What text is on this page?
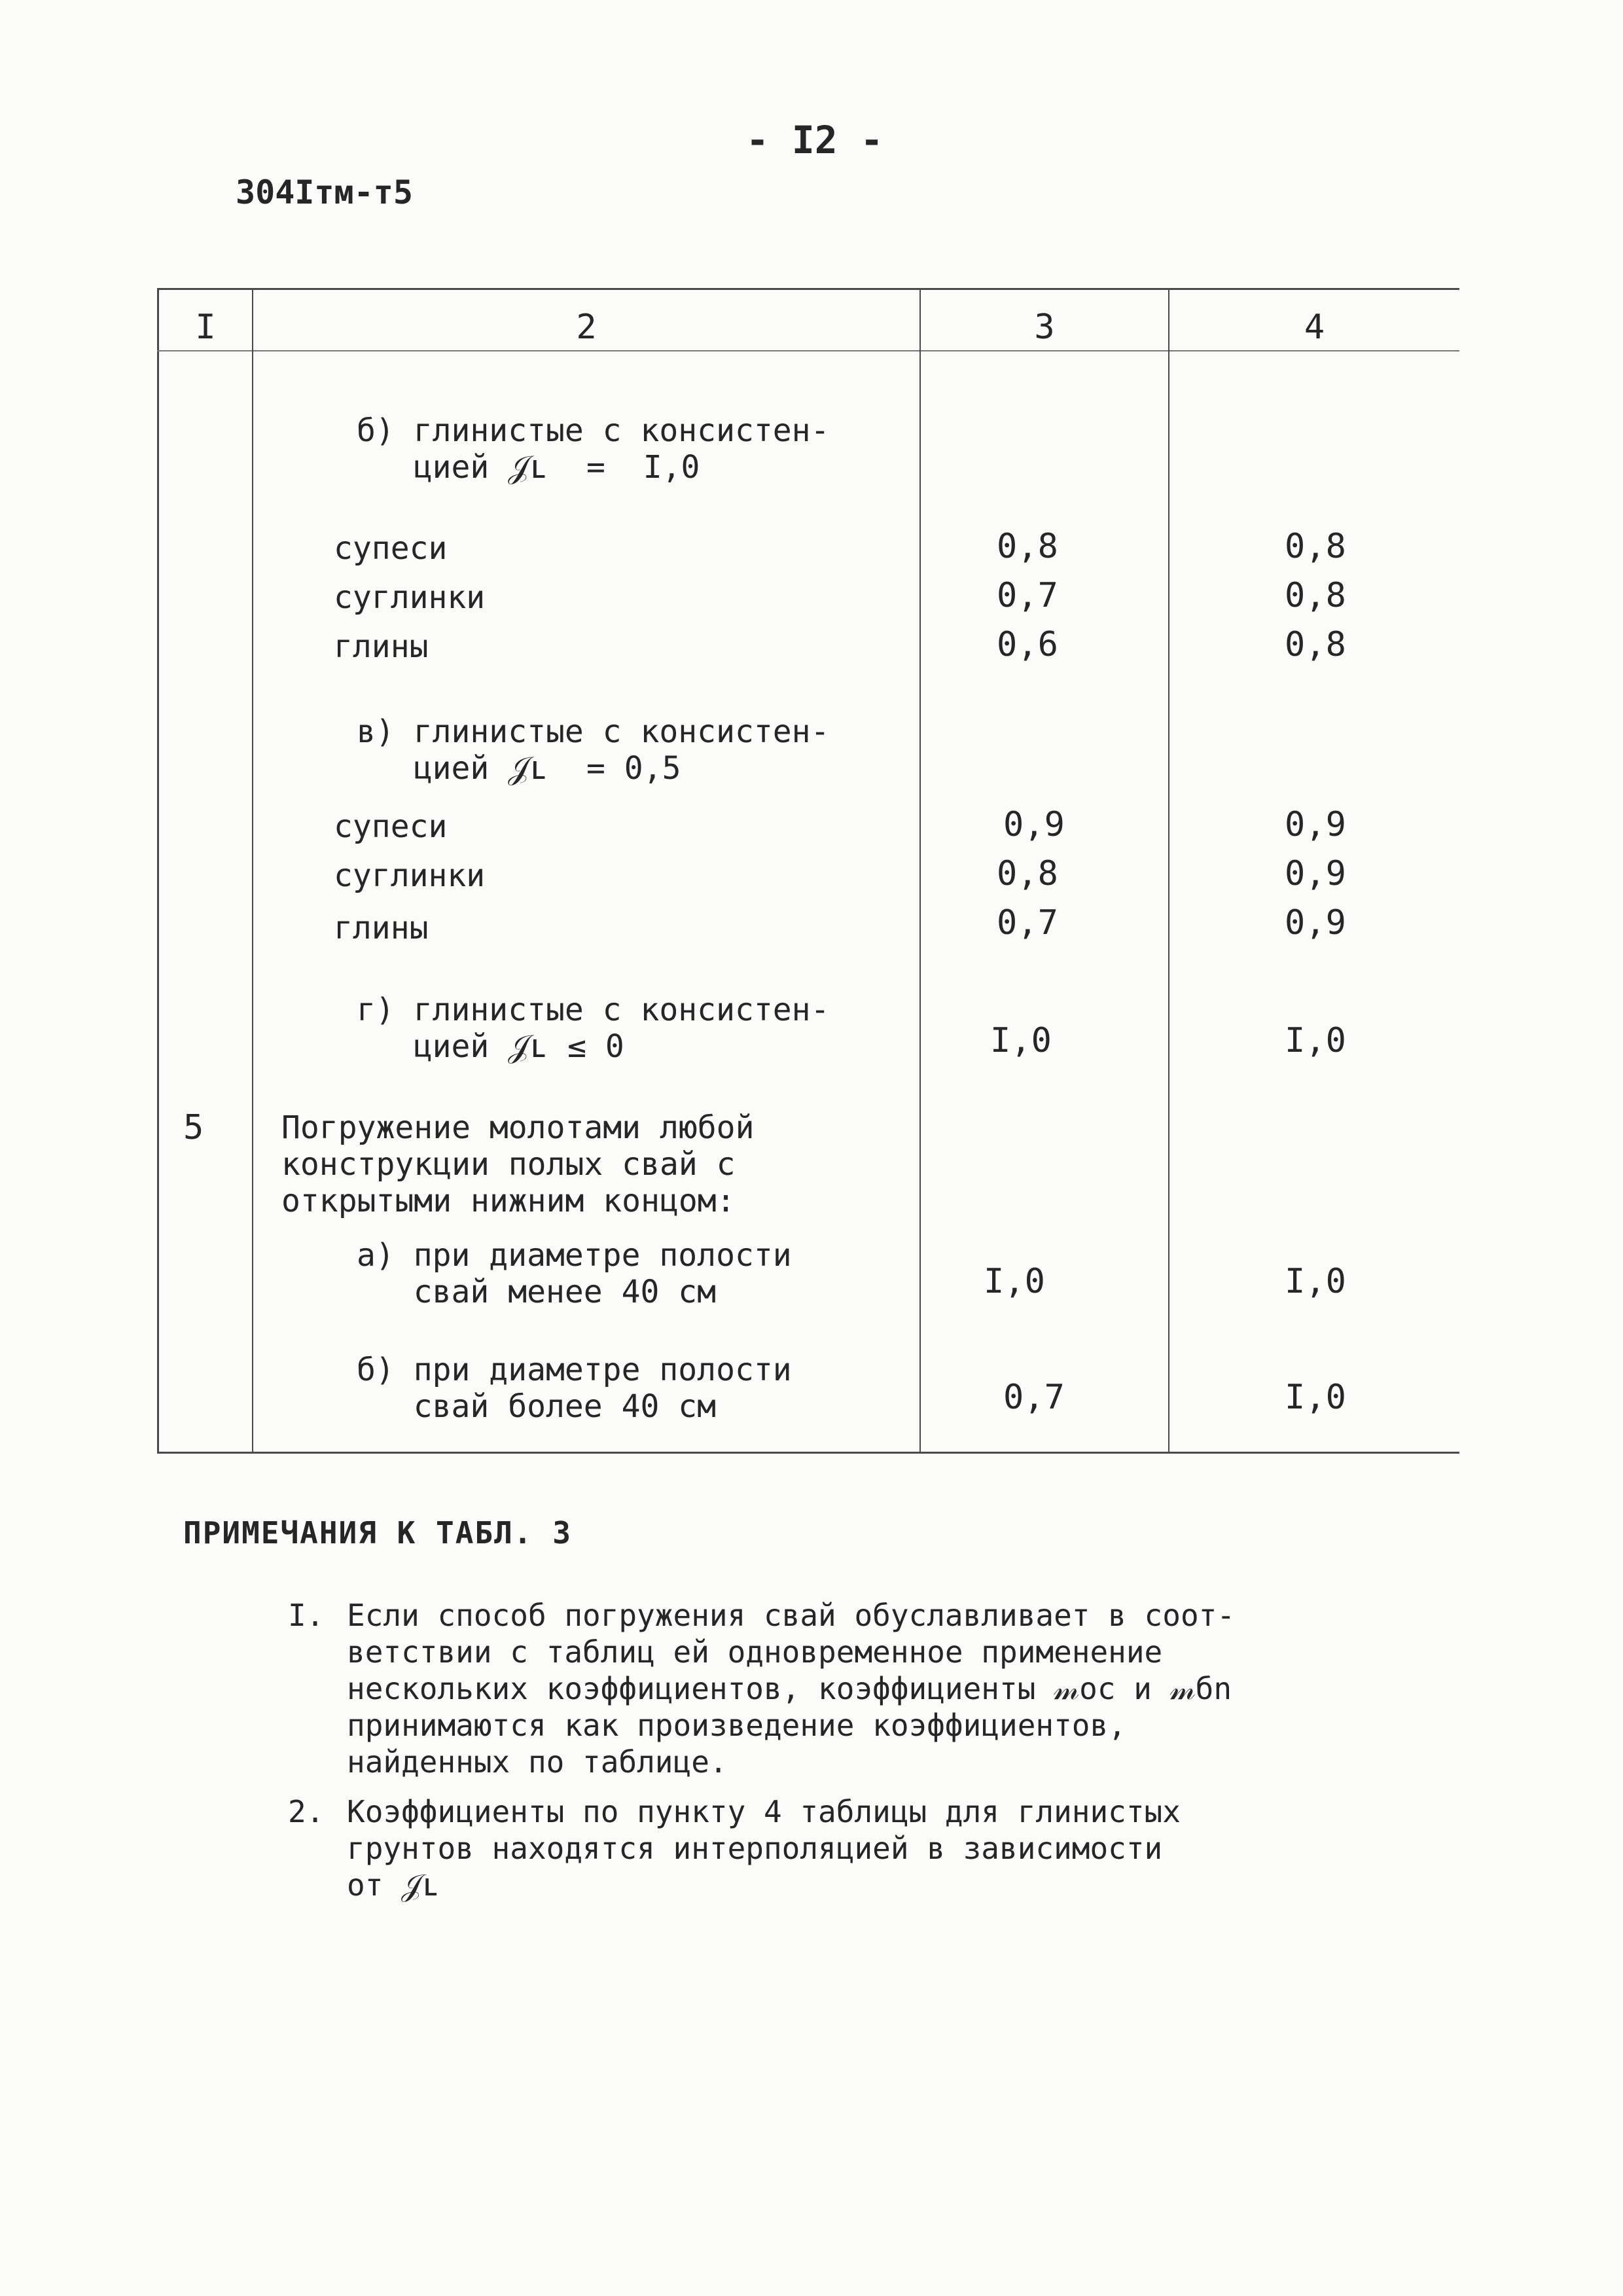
- I2 -
304Iтм-т5
I	2	3	4
б) глинистые с консистен-
цией 𝒥ʟ  =  I,0
супеси	0,8	0,8
суглинки	0,7	0,8
глины	0,6	0,8
в) глинистые с консистен-
цией 𝒥ʟ  = 0,5
супеси	0,9	0,9
суглинки	0,8	0,9
глины	0,7	0,9
г) глинистые с консистен-
цией 𝒥ʟ ≤ 0	I,0	I,0
5 Погружение молотами любой
конструкции полых свай с
открытыми нижним концом:
а) при диаметре полости
свай менее 40 см	I,0	I,0
б) при диаметре полости
свай более 40 см	0,7	I,0
ПРИМЕЧАНИЯ К ТАБЛ. 3
I. Если способ погружения свай обуславливает в соот-
ветствии с таблиц ей одновременное применение
нескольких коэффициентов, коэффициенты 𝓂oc и 𝓂бn
принимаются как произведение коэффициентов,
найденных по таблице.
2. Коэффициенты по пункту 4 таблицы для глинистых
грунтов находятся интерполяцией в зависимости
от 𝒥ʟ
